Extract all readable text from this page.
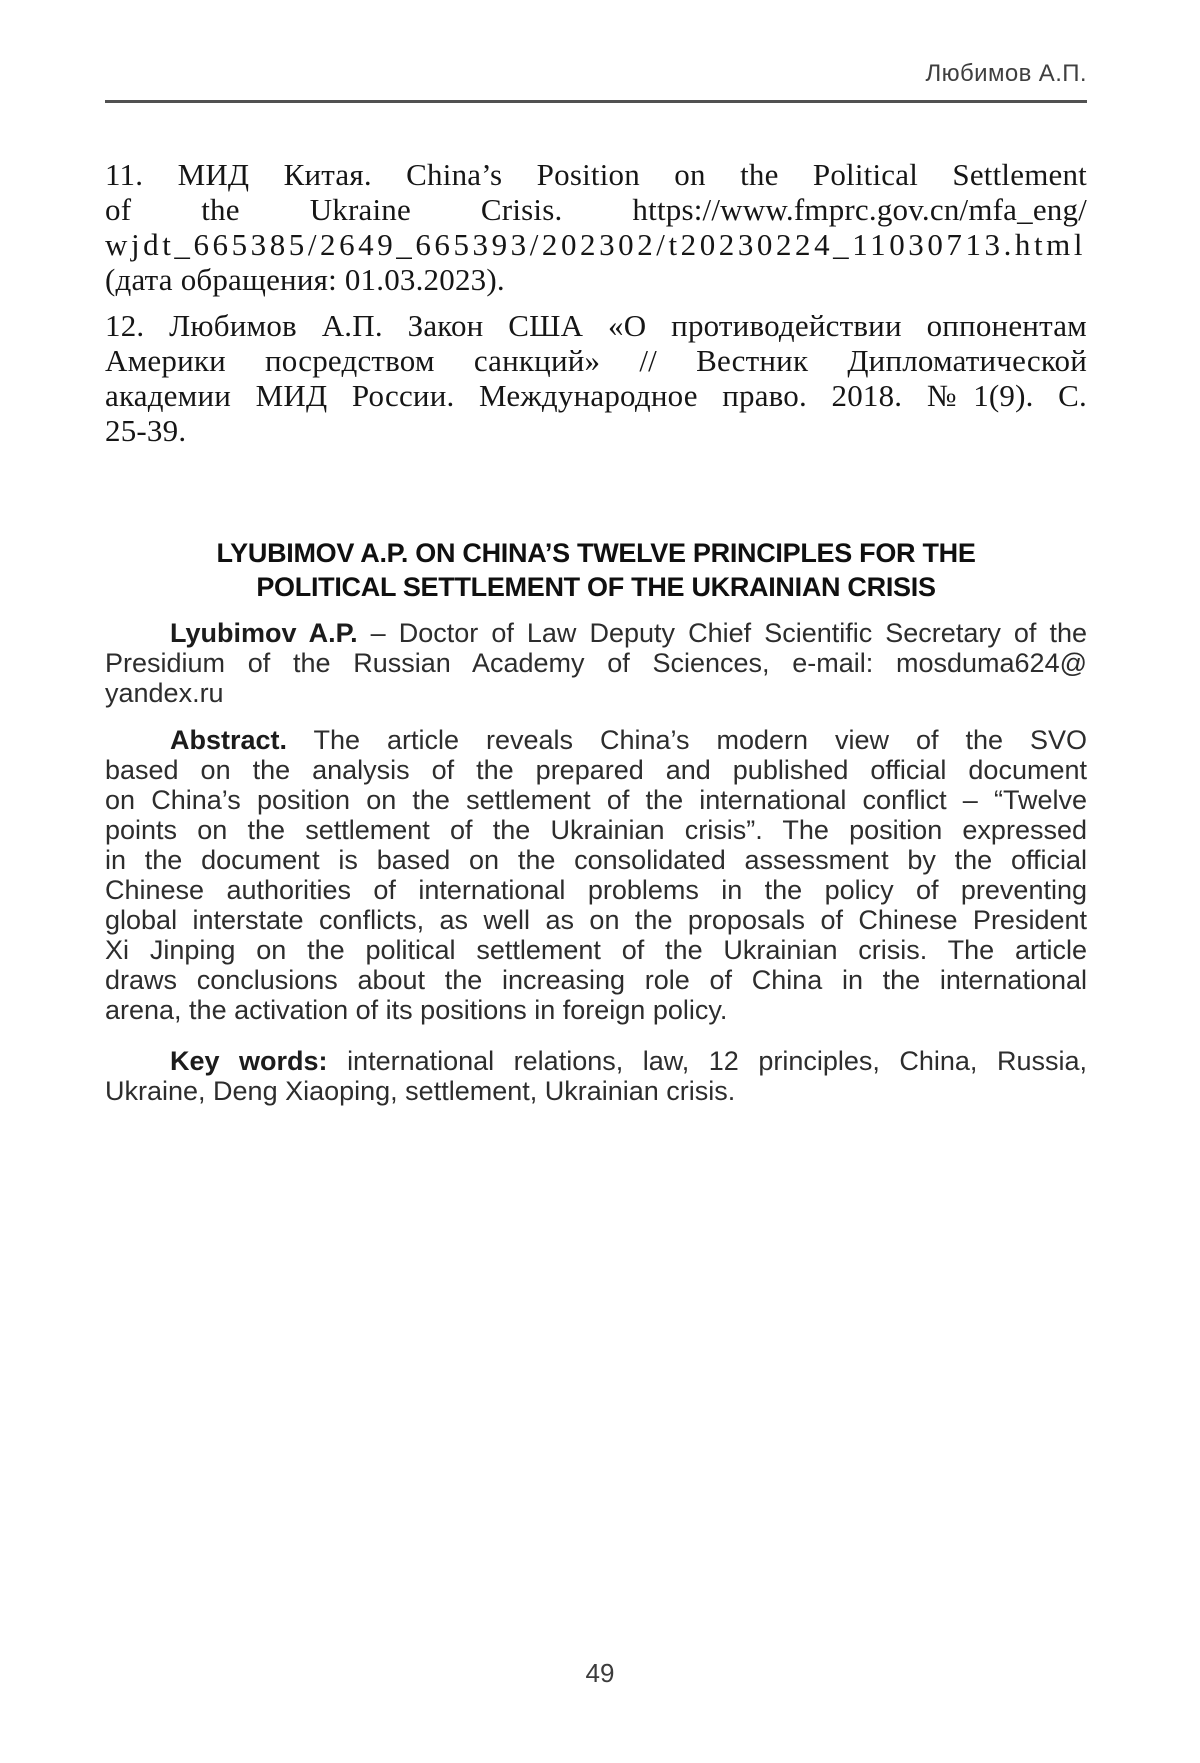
Любимов А.П.
11. МИД Китая. China’s Position on the Political Settlement
of the Ukraine Crisis. https://www.fmprc.gov.cn/mfa_eng/
wjdt_665385/2649_665393/202302/t20230224_11030713.html
(дата обращения: 01.03.2023).
12. Любимов А.П. Закон США «О противодействии оппонентам
Америки посредством санкций» // Вестник Дипломатической
академии МИД России. Международное право. 2018. №1(9). С.
25-39.
LYUBIMOV A.P. ON CHINA’S TWELVE PRINCIPLES FOR THE
POLITICAL SETTLEMENT OF THE UKRAINIAN CRISIS
Lyubimov A.P. – Doctor of Law Deputy Chief Scientific Secretary of the
Presidium of the Russian Academy of Sciences, e-mail: mosduma624@
yandex.ru
Abstract. The article reveals China’s modern view of the SVO
based on the analysis of the prepared and published official document
on China’s position on the settlement of the international conflict – “Twelve
points on the settlement of the Ukrainian crisis”. The position expressed
in the document is based on the consolidated assessment by the official
Chinese authorities of international problems in the policy of preventing
global interstate conflicts, as well as on the proposals of Chinese President
Xi Jinping on the political settlement of the Ukrainian crisis. The article
draws conclusions about the increasing role of China in the international
arena, the activation of its positions in foreign policy.
Key words: international relations, law, 12 principles, China, Russia,
Ukraine, Deng Xiaoping, settlement, Ukrainian crisis.
49
